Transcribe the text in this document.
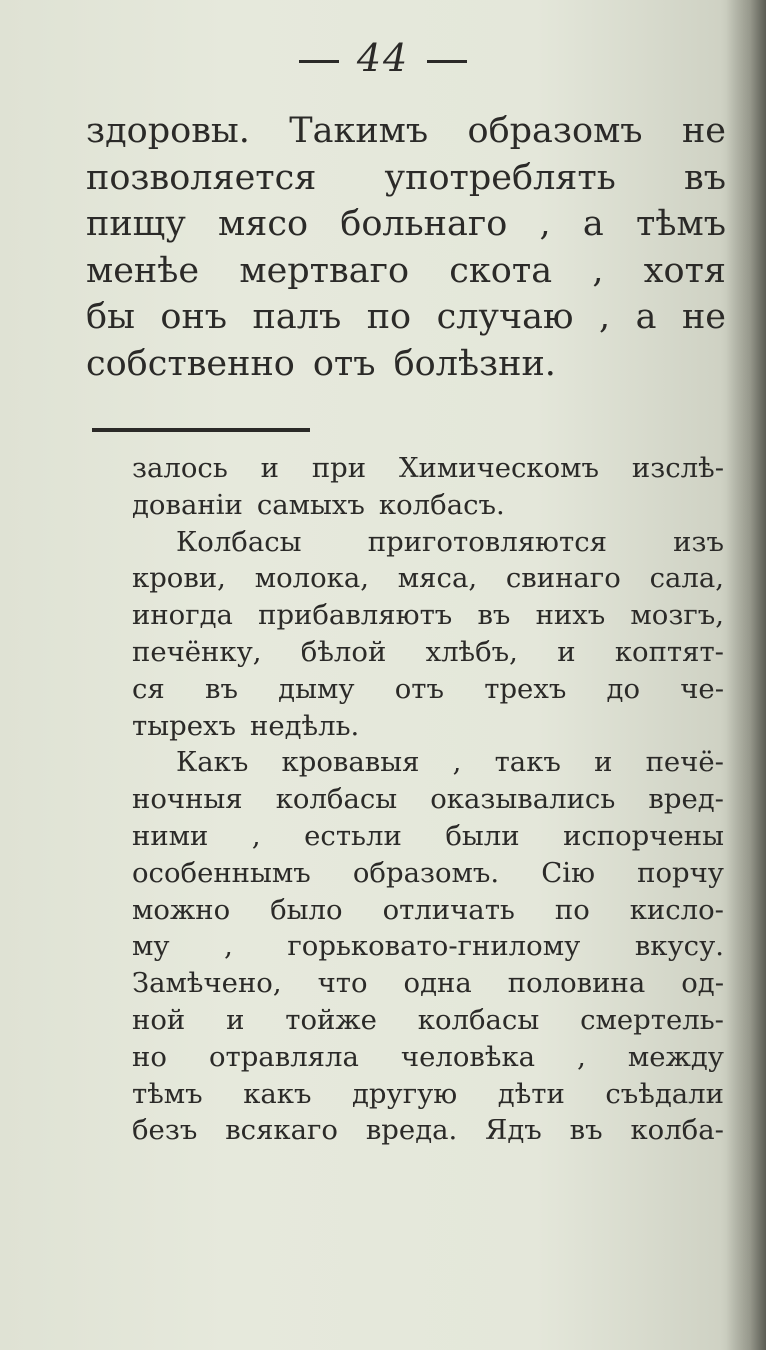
44
здоровы. Такимъ образомъ не
позволяется употреблять въ
пищу мясо больнаго , а тѣмъ
менѣе мертваго скота , хотя
бы онъ палъ по случаю , а не
собственно отъ болѣзни.
залось и при Химическомъ изслѣ-
дованіи самыхъ колбасъ.
Колбасы приготовляются изъ
крови, молока, мяса, свинаго сала,
иногда прибавляютъ въ нихъ мозгъ,
печёнку, бѣлой хлѣбъ, и коптят-
ся въ дыму отъ трехъ до че-
тырехъ недѣль.
Какъ кровавыя , такъ и печё-
ночныя колбасы оказывались вред-
ними , естьли были испорчены
особеннымъ образомъ. Сію порчу
можно было отличать по кисло-
му , горьковато-гнилому вкусу.
Замѣчено, что одна половина од-
ной и тойже колбасы смертель-
но отравляла человѣка , между
тѣмъ какъ другую дѣти съѣдали
безъ всякаго вреда. Ядъ въ колба-
